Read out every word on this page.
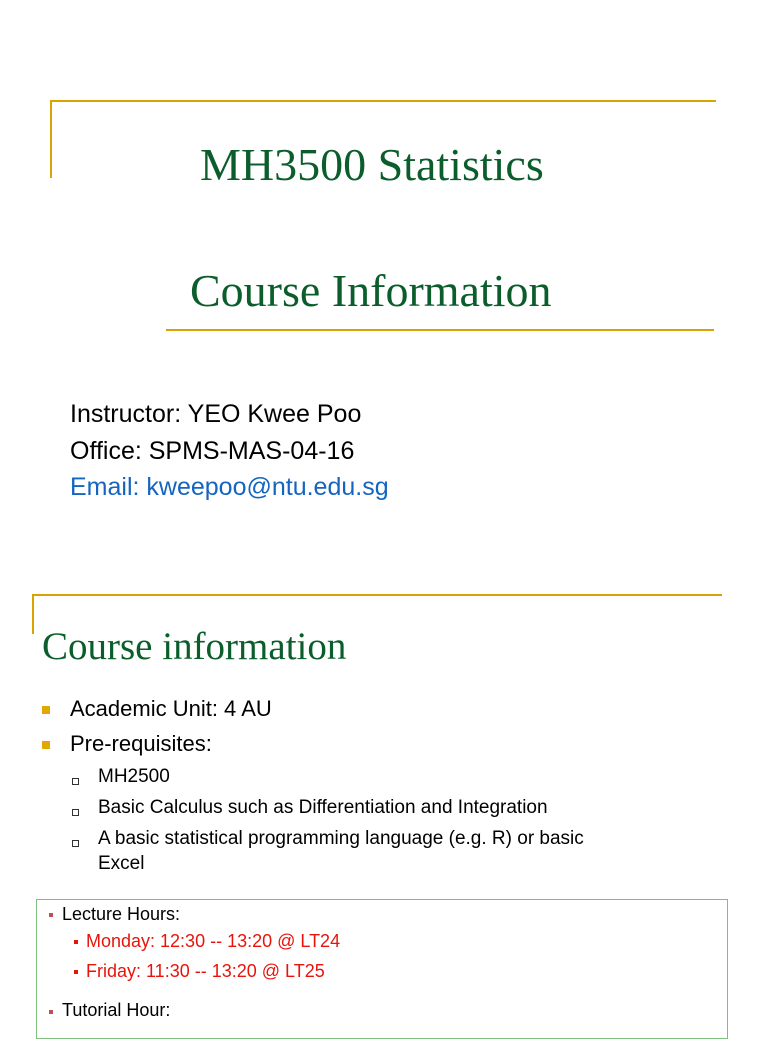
MH3500 Statistics
Course Information
Instructor: YEO Kwee Poo
Office: SPMS-MAS-04-16
Email: kweepoo@ntu.edu.sg
Course information
Academic Unit: 4 AU
Pre-requisites:
MH2500
Basic Calculus such as Differentiation and Integration
A basic statistical programming language (e.g. R) or basic
Excel
Lecture Hours:
Monday: 12:30 -- 13:20 @ LT24
Friday: 11:30 -- 13:20 @ LT25
Tutorial Hour:
